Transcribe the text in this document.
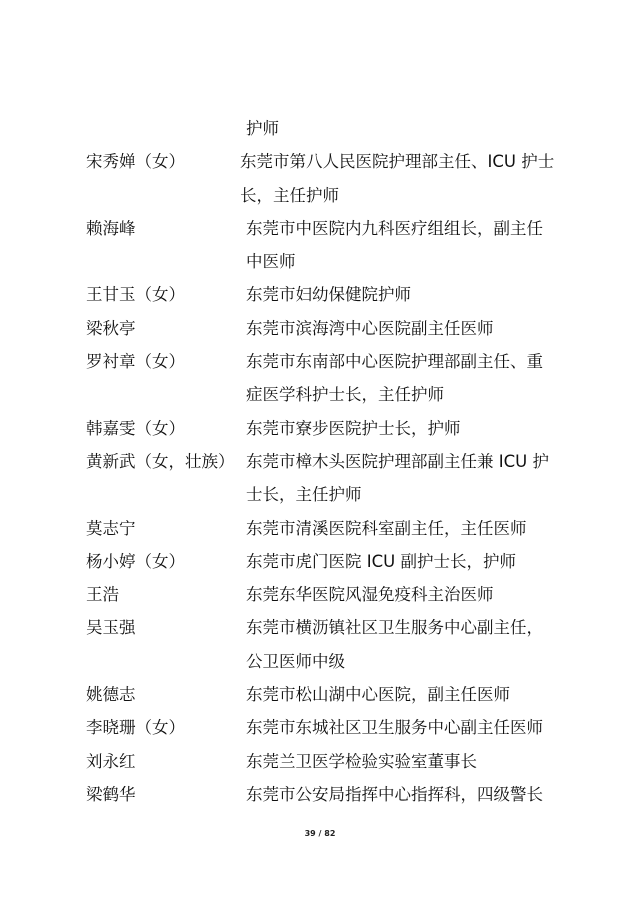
护师
宋秀婵（女）	东莞市第八人民医院护理部主任、ICU 护士
长，主任护师
赖海峰	东莞市中医院内九科医疗组组长，副主任
中医师
王甘玉（女）	东莞市妇幼保健院护师
梁秋亭	东莞市滨海湾中心医院副主任医师
罗衬章（女）	东莞市东南部中心医院护理部副主任、重
症医学科护士长，主任护师
韩嘉雯（女）	东莞市寮步医院护士长，护师
黄新武（女，壮族） 东莞市樟木头医院护理部副主任兼 ICU 护
士长，主任护师
莫志宁	东莞市清溪医院科室副主任，主任医师
杨小婷（女）	东莞市虎门医院 ICU 副护士长，护师
王浩	东莞东华医院风湿免疫科主治医师
吴玉强	东莞市横沥镇社区卫生服务中心副主任，
公卫医师中级
姚德志	东莞市松山湖中心医院，副主任医师
李晓珊（女）	东莞市东城社区卫生服务中心副主任医师
刘永红	东莞兰卫医学检验实验室董事长
梁鹤华	东莞市公安局指挥中心指挥科，四级警长
39 / 82
